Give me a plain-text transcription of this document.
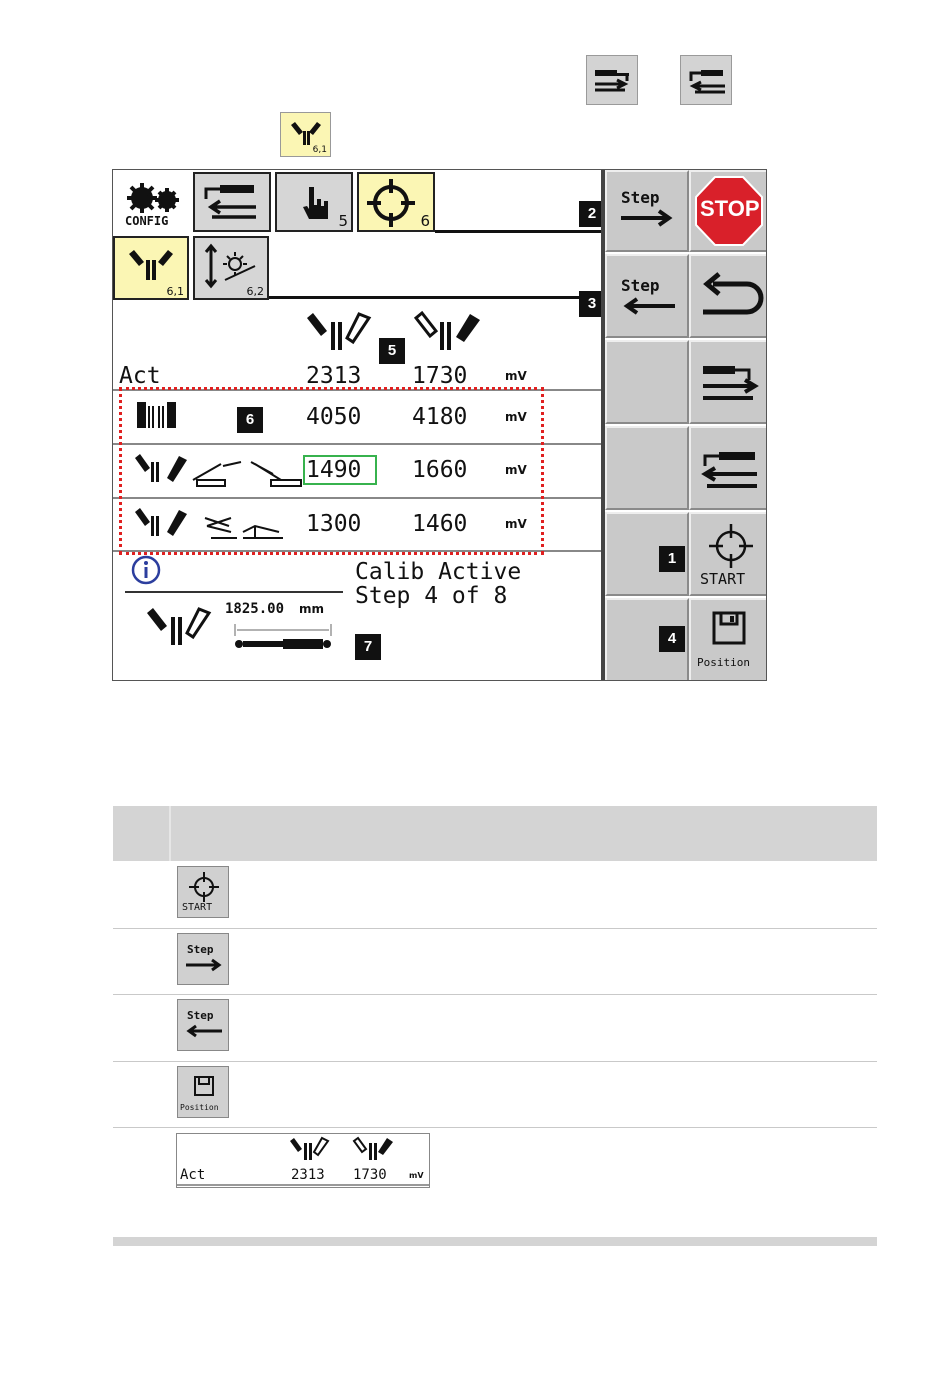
6,1
CONFIG	5	6
6,1	6,2
Act	2313 1730	mV
4050 4180	mV
1490 1660	mV
1300 1460	mV
Calib Active
Step 4 of 8
1825.00 mm
5
6
7
2
3
Step STOP
Step
1
START
4
Position
START
Step
Step
Position
Act	2313 1730	mV
